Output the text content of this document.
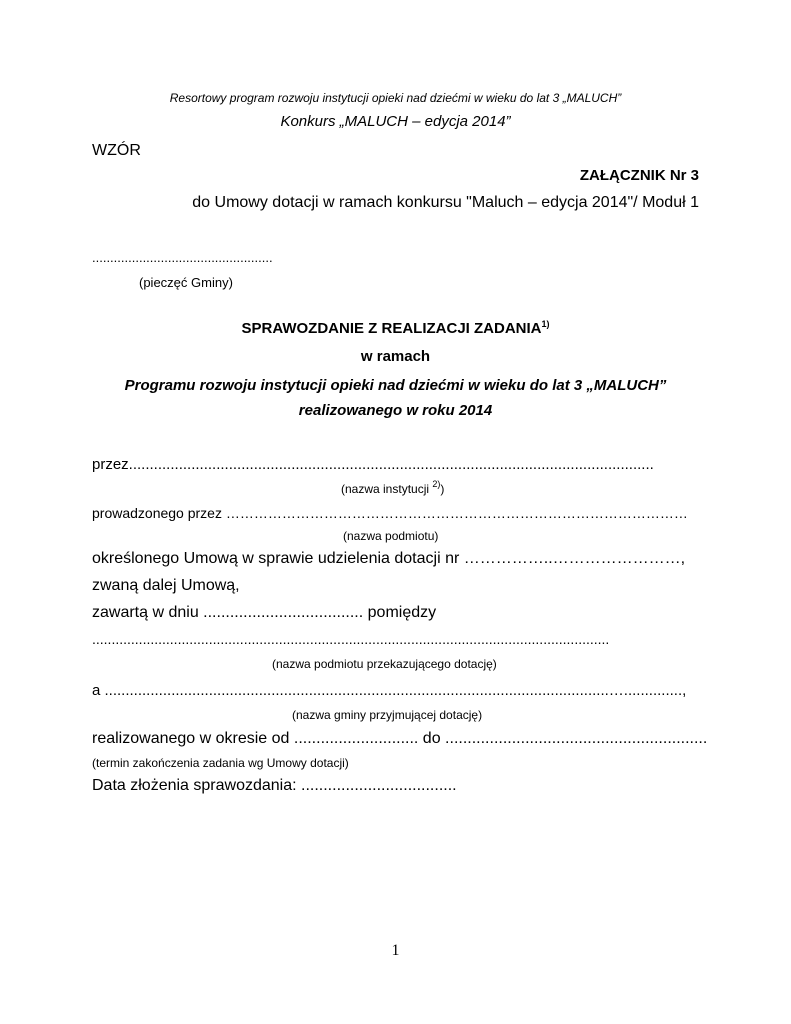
Resortowy program rozwoju instytucji opieki nad dziećmi w wieku do lat 3 „MALUCH”

Konkurs „MALUCH – edycja 2014”

WZÓR

ZAŁĄCZNIK Nr 3

do Umowy dotacji w ramach konkursu "Maluch – edycja 2014"/ Moduł 1

..................................................

(pieczęć Gminy)

SPRAWOZDANIE Z REALIZACJI ZADANIA$^{1)}$

w ramach

Programu rozwoju instytucji opieki nad dziećmi w wieku do lat 3 „MALUCH”

realizowanego w roku 2014

przez..............................................................................................................................

(nazwa instytucji $^{2)}$)

prowadzonego przez ………………………………………………………………………………………

(nazwa podmiotu)

określonego Umową w sprawie udzielenia dotacji nr ……………..……………………,

zwaną dalej Umową,

zawartą w dniu .................................... pomiędzy

.....................................................................................................................................

(nazwa podmiotu przekazującego dotację)

a .........................................................................................................................…..............,

(nazwa gminy przyjmującej dotację)

realizowanego w okresie od ............................ do ...........................................................

(termin zakończenia zadania wg Umowy dotacji)

Data złożenia sprawozdania: ...................................

1
